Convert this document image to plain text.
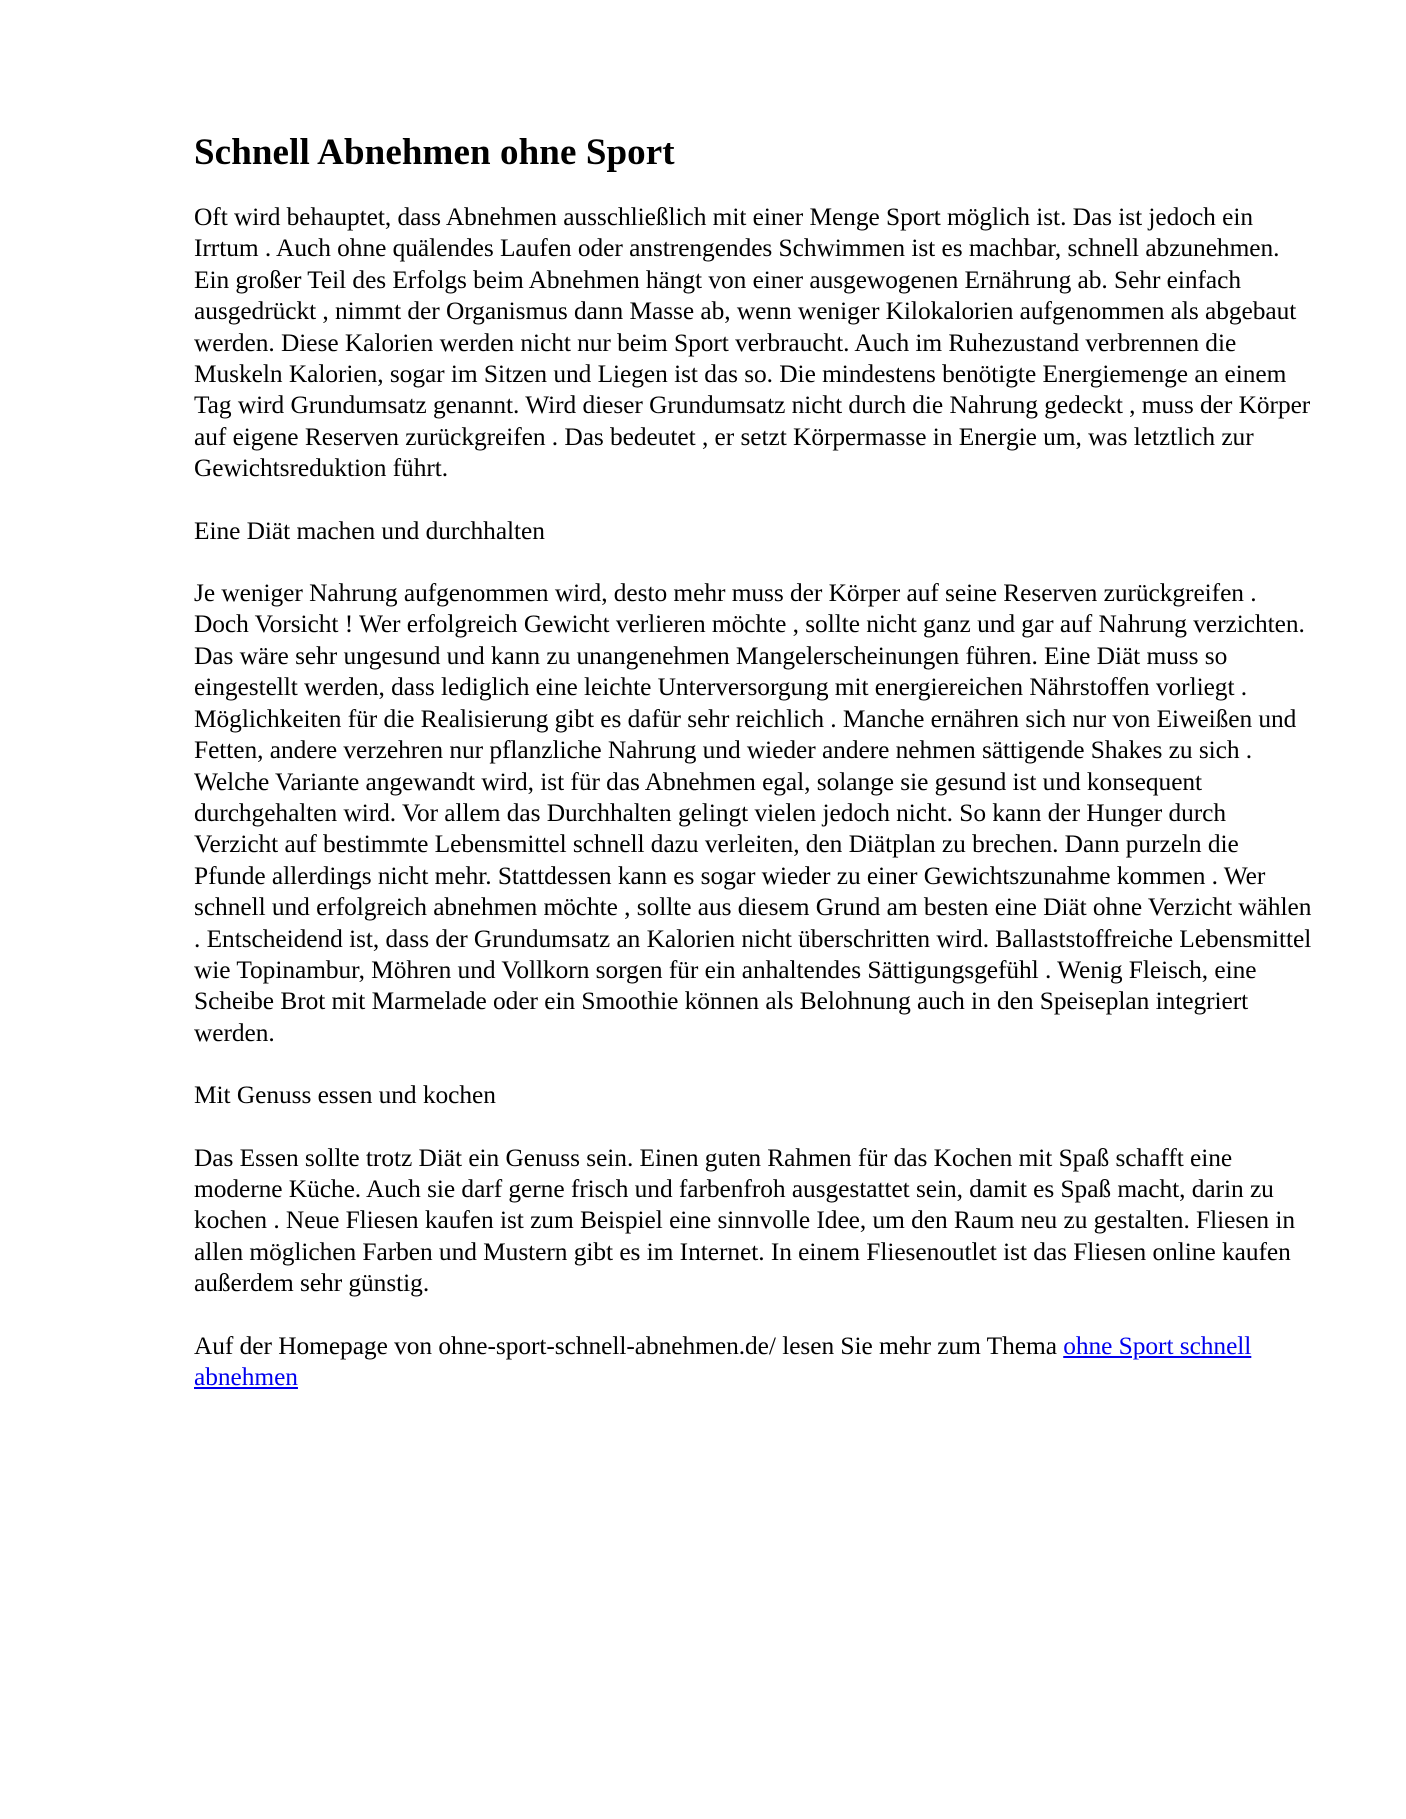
Schnell Abnehmen ohne Sport

Oft wird behauptet, dass Abnehmen ausschließlich mit einer Menge Sport möglich ist. Das ist jedoch ein Irrtum . Auch ohne quälendes Laufen oder anstrengendes Schwimmen ist es machbar, schnell abzunehmen. Ein großer Teil des Erfolgs beim Abnehmen hängt von einer ausgewogenen Ernährung ab. Sehr einfach ausgedrückt , nimmt der Organismus dann Masse ab, wenn weniger Kilokalorien aufgenommen als abgebaut werden. Diese Kalorien werden nicht nur beim Sport verbraucht. Auch im Ruhezustand verbrennen die Muskeln Kalorien, sogar im Sitzen und Liegen ist das so. Die mindestens benötigte Energiemenge an einem Tag wird Grundumsatz genannt. Wird dieser Grundumsatz nicht durch die Nahrung gedeckt , muss der Körper auf eigene Reserven zurückgreifen . Das bedeutet , er setzt Körpermasse in Energie um, was letztlich zur Gewichtsreduktion führt.

Eine Diät machen und durchhalten

Je weniger Nahrung aufgenommen wird, desto mehr muss der Körper auf seine Reserven zurückgreifen . Doch Vorsicht ! Wer erfolgreich Gewicht verlieren möchte , sollte nicht ganz und gar auf Nahrung verzichten. Das wäre sehr ungesund und kann zu unangenehmen Mangelerscheinungen führen. Eine Diät muss so eingestellt werden, dass lediglich eine leichte Unterversorgung mit energiereichen Nährstoffen vorliegt . Möglichkeiten für die Realisierung gibt es dafür sehr reichlich . Manche ernähren sich nur von Eiweißen und Fetten, andere verzehren nur pflanzliche Nahrung und wieder andere nehmen sättigende Shakes zu sich . Welche Variante angewandt wird, ist für das Abnehmen egal, solange sie gesund ist und konsequent durchgehalten wird. Vor allem das Durchhalten gelingt vielen jedoch nicht. So kann der Hunger durch Verzicht auf bestimmte Lebensmittel schnell dazu verleiten, den Diätplan zu brechen. Dann purzeln die Pfunde allerdings nicht mehr. Stattdessen kann es sogar wieder zu einer Gewichtszunahme kommen . Wer schnell und erfolgreich abnehmen möchte , sollte aus diesem Grund am besten eine Diät ohne Verzicht wählen . Entscheidend ist, dass der Grundumsatz an Kalorien nicht überschritten wird. Ballaststoffreiche Lebensmittel wie Topinambur, Möhren und Vollkorn sorgen für ein anhaltendes Sättigungsgefühl . Wenig Fleisch, eine Scheibe Brot mit Marmelade oder ein Smoothie können als Belohnung auch in den Speiseplan integriert werden.

Mit Genuss essen und kochen

Das Essen sollte trotz Diät ein Genuss sein. Einen guten Rahmen für das Kochen mit Spaß schafft eine moderne Küche. Auch sie darf gerne frisch und farbenfroh ausgestattet sein, damit es Spaß macht, darin zu kochen . Neue Fliesen kaufen ist zum Beispiel eine sinnvolle Idee, um den Raum neu zu gestalten. Fliesen in allen möglichen Farben und Mustern gibt es im Internet. In einem Fliesenoutlet ist das Fliesen online kaufen außerdem sehr günstig.

Auf der Homepage von ohne-sport-schnell-abnehmen.de/ lesen Sie mehr zum Thema ohne Sport schnell abnehmen
